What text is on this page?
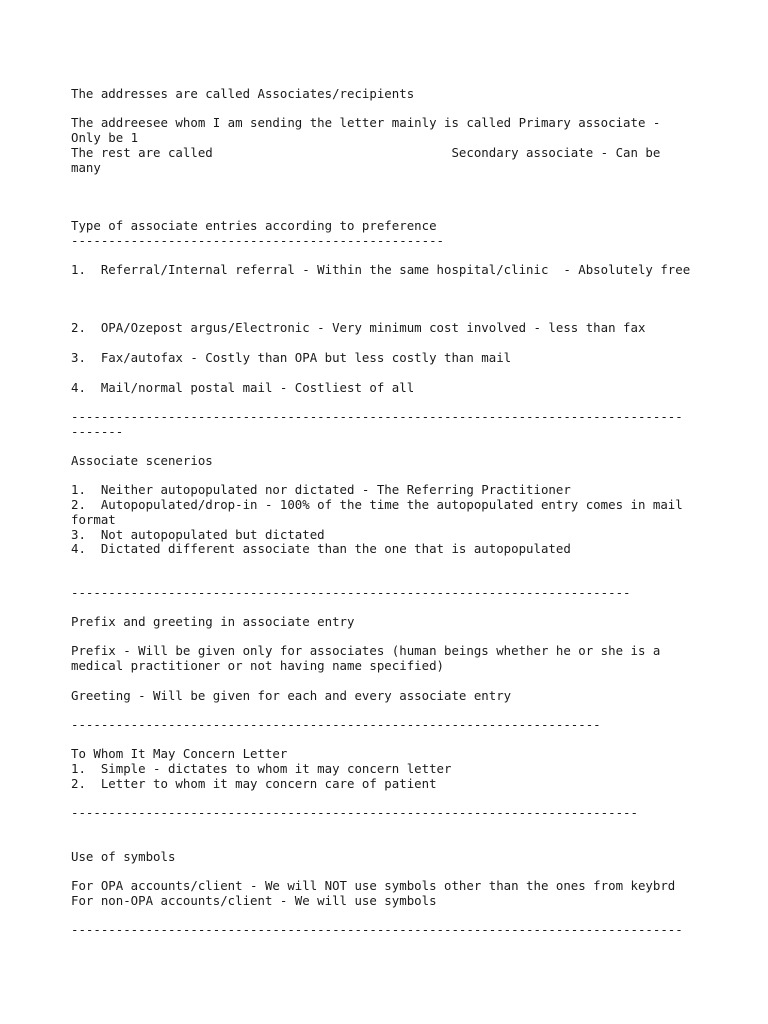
The addresses are called Associates/recipients

The addreesee whom I am sending the letter mainly is called Primary associate -

Only be 1

The rest are called                                Secondary associate - Can be

many

Type of associate entries according to preference

--------------------------------------------------

1.  Referral/Internal referral - Within the same hospital/clinic  - Absolutely free

2.  OPA/Ozepost argus/Electronic - Very minimum cost involved - less than fax

3.  Fax/autofax - Costly than OPA but less costly than mail

4.  Mail/normal postal mail - Costliest of all

----------------------------------------------------------------------------------

-------

Associate scenerios

1.  Neither autopopulated nor dictated - The Referring Practitioner

2.  Autopopulated/drop-in - 100% of the time the autopopulated entry comes in mail

format

3.  Not autopopulated but dictated

4.  Dictated different associate than the one that is autopopulated

---------------------------------------------------------------------------

Prefix and greeting in associate entry

Prefix - Will be given only for associates (human beings whether he or she is a

medical practitioner or not having name specified)

Greeting - Will be given for each and every associate entry

-----------------------------------------------------------------------

To Whom It May Concern Letter

1.  Simple - dictates to whom it may concern letter

2.  Letter to whom it may concern care of patient

----------------------------------------------------------------------------

Use of symbols

For OPA accounts/client - We will NOT use symbols other than the ones from keybrd

For non-OPA accounts/client - We will use symbols

----------------------------------------------------------------------------------
